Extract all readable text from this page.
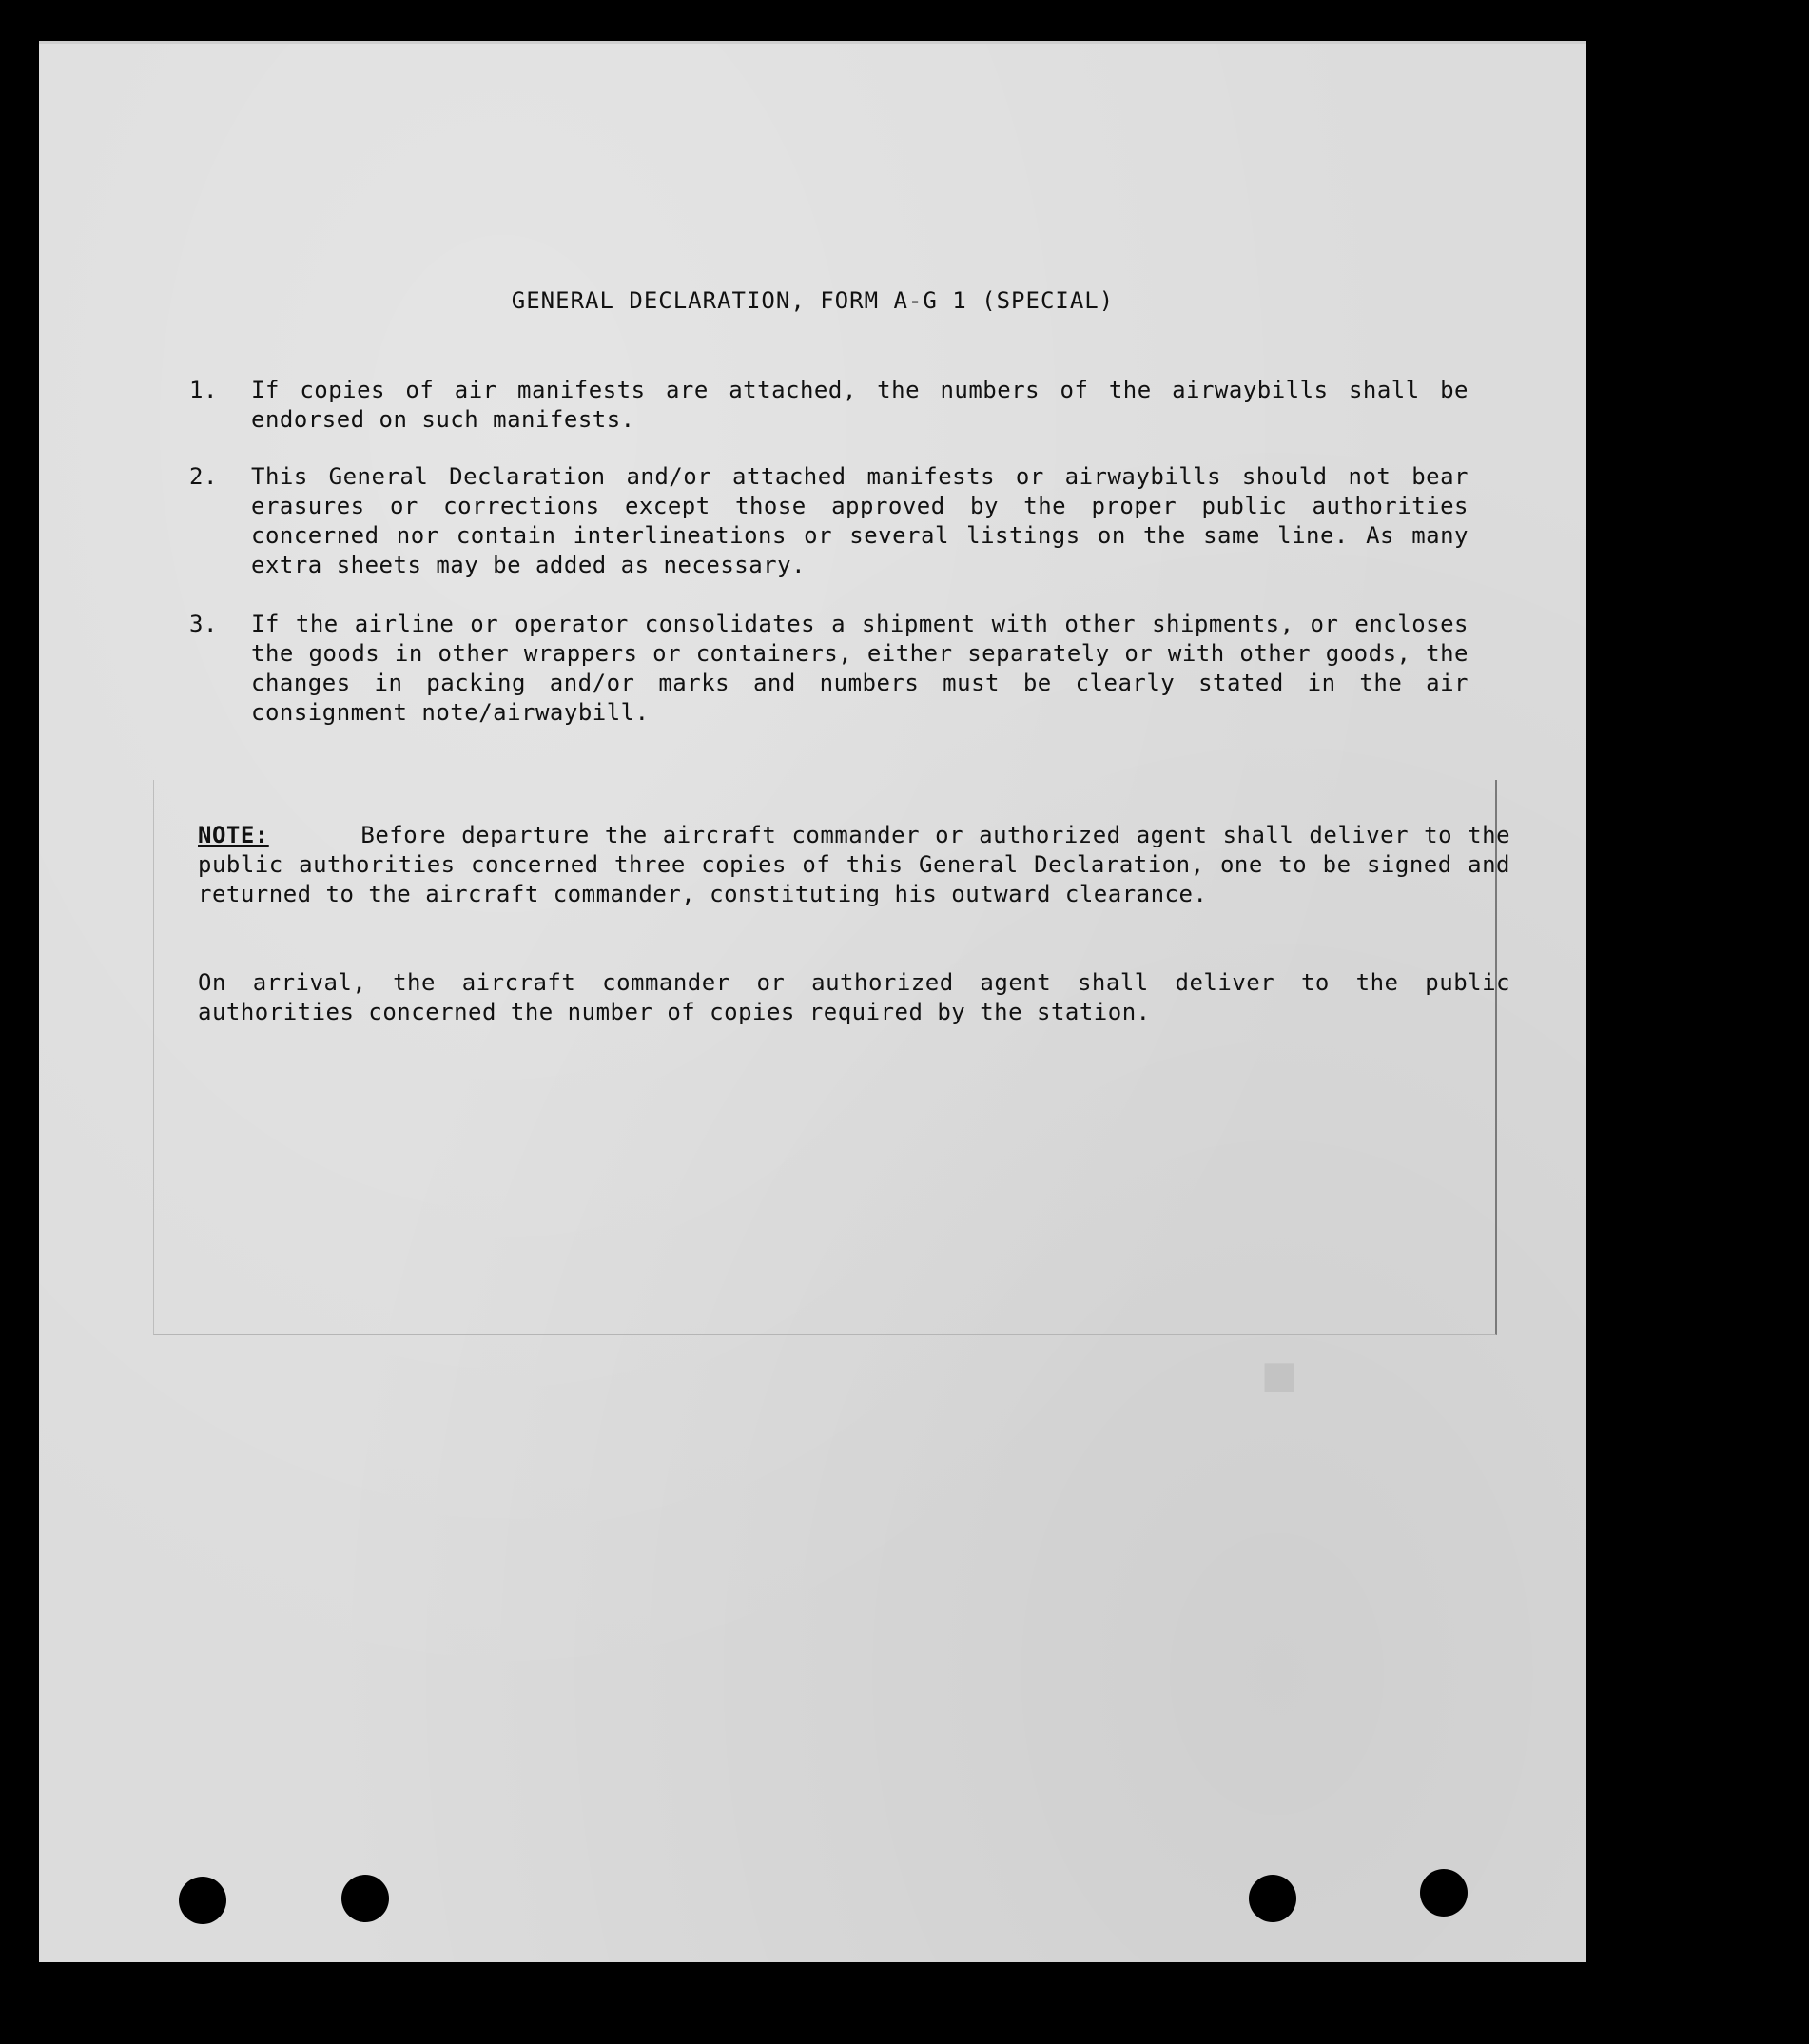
■
GENERAL DECLARATION, FORM A-G 1 (SPECIAL)
1.	If copies of air manifests are attached, the numbers of the airwaybills shall be endorsed on such manifests.
2.	This General Declaration and/or attached manifests or airwaybills should not bear erasures or corrections except those approved by the proper public authorities concerned nor contain interlineations or several listings on the same line. As many extra sheets may be added as necessary.
3.	If the airline or operator consolidates a shipment with other shipments, or encloses the goods in other wrappers or containers, either separately or with other goods, the changes in packing and/or marks and numbers must be clearly stated in the air consignment note/airwaybill.
NOTE:	Before departure the aircraft commander or authorized agent shall deliver to the public authorities concerned three copies of this General Declaration, one to be signed and returned to the aircraft commander, constituting his outward clearance.
On arrival, the aircraft commander or authorized agent shall deliver to the public authorities concerned the number of copies required by the station.
